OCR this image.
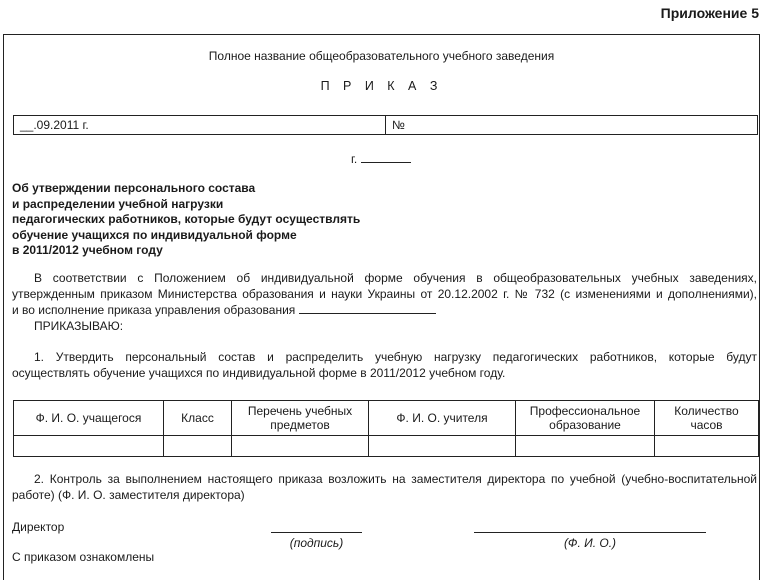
Приложение 5
Полное название общеобразовательного учебного заведения
П Р И К А З
__.09.2011 г.	№
г.
Об утверждении персонального состава
и распределении учебной нагрузки
педагогических работников, которые будут осуществлять
обучение учащихся по индивидуальной форме
в 2011/2012 учебном году
В соответствии с Положением об индивидуальной форме обучения в общеобразовательных учебных заведениях,
утвержденным приказом Министерства образования и науки Украины от 20.12.2002 г. № 732 (с изменениями и дополнениями),
и во исполнение приказа управления образования
ПРИКАЗЫВАЮ:
1. Утвердить персональный состав и распределить учебную нагрузку педагогических работников, которые будут
осуществлять обучение учащихся по индивидуальной форме в 2011/2012 учебном году.
Ф. И. О. учащегося	Класс	Перечень учебных предметов	Ф. И. О. учителя	Профессиональное образование	Количество часов

2. Контроль за выполнением настоящего приказа возложить на заместителя директора по учебной (учебно-воспитательной
работе) (Ф. И. О. заместителя директора)
Директор
(подпись)	(Ф. И. О.)
С приказом ознакомлены
